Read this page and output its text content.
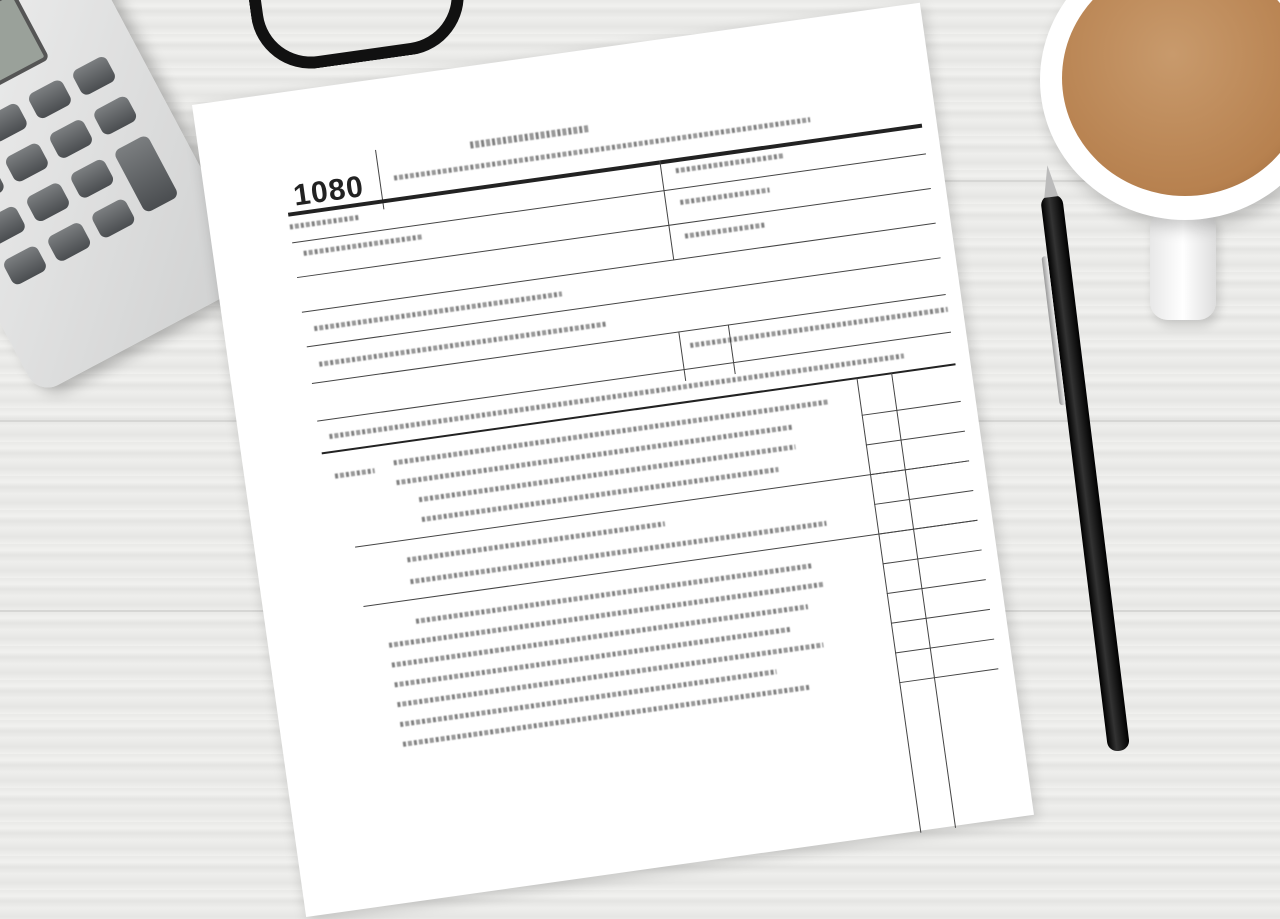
1080
